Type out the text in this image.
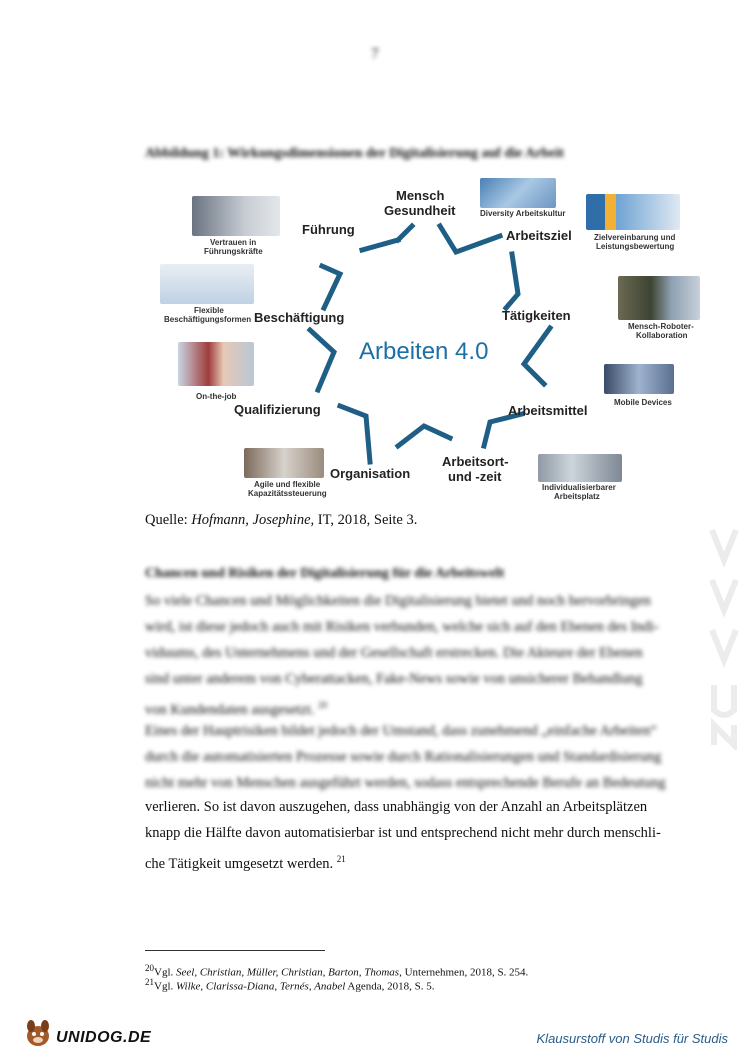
7
Abbildung 1: Wirkungsdimensionen der Digitalisierung auf die Arbeit
Arbeiten 4.0
Mensch
Gesundheit
Arbeitsziel
Tätigkeiten
Arbeitsmittel
Arbeitsort-
und -zeit
Organisation
Qualifizierung
Beschäftigung
Führung
Vertrauen in
Führungskräfte
Diversity Arbeitskultur
Zielvereinbarung und
Leistungsbewertung
Mensch-Roboter-
Kollaboration
Mobile Devices
Individualisierbarer
Arbeitsplatz
Agile und flexible
Kapazitätssteuerung
On-the-job
Flexible
Beschäftigungsformen
Quelle: Hofmann, Josephine, IT, 2018, Seite 3.
Chancen und Risiken der Digitalisierung für die Arbeitswelt
So viele Chancen und Möglichkeiten die Digitalisierung bietet und noch hervorbringen
wird, ist diese jedoch auch mit Risiken verbunden, welche sich auf den Ebenen des Indi-
viduums, des Unternehmens und der Gesellschaft erstrecken. Die Akteure der Ebenen
sind unter anderem von Cyberattacken, Fake-News sowie von unsicherer Behandlung
von Kundendaten ausgesetzt. $^{20}$
Eines der Hauptrisiken bildet jedoch der Umstand, dass zunehmend „einfache Arbeiten“
durch die automatisierten Prozesse sowie durch Rationalisierungen und Standardisierung
nicht mehr von Menschen ausgeführt werden, sodass entsprechende Berufe an Bedeutung
verlieren. So ist davon auszugehen, dass unabhängig von der Anzahl an Arbeitsplätzen
knapp die Hälfte davon automatisierbar ist und entsprechend nicht mehr durch menschli-
che Tätigkeit umgesetzt werden. $^{21}$
$^{20}$Vgl. Seel, Christian, Müller, Christian, Barton, Thomas, Unternehmen, 2018, S. 254.
$^{21}$Vgl. Wilke, Clarissa-Diana, Ternés, Anabel Agenda, 2018, S. 5.
UNIDOG.DE	Klausurstoff von Studis für Studis
